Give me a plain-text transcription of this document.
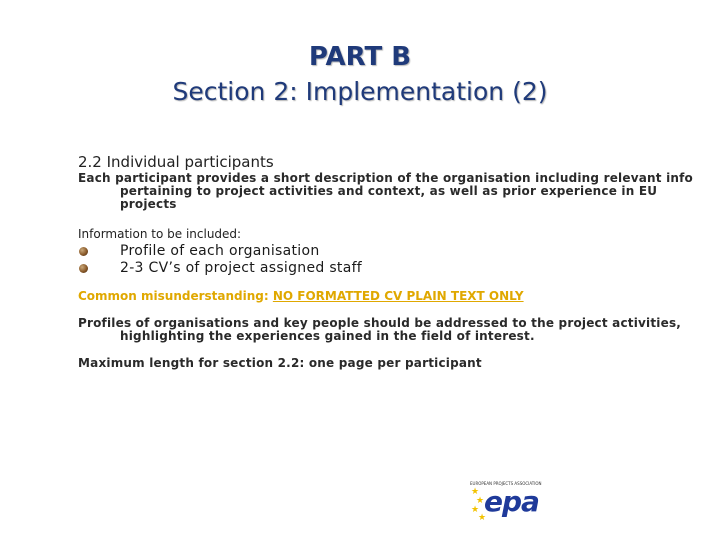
PART B
Section 2: Implementation (2)
2.2 Individual participants
Each participant provides a short description of the organisation including relevant info pertaining to project activities and context, as well as prior experience in EU projects
Information to be included:
Profile of each organisation
2-3 CV’s of project assigned staff
Common misunderstanding: NO FORMATTED CV PLAIN TEXT ONLY
Profiles of organisations and key people should be addressed to the project activities, highlighting the experiences gained in the field of interest.
Maximum length for section 2.2: one page per participant
EUROPEAN PROJECTS ASSOCIATION
★
★
★
★
epa
